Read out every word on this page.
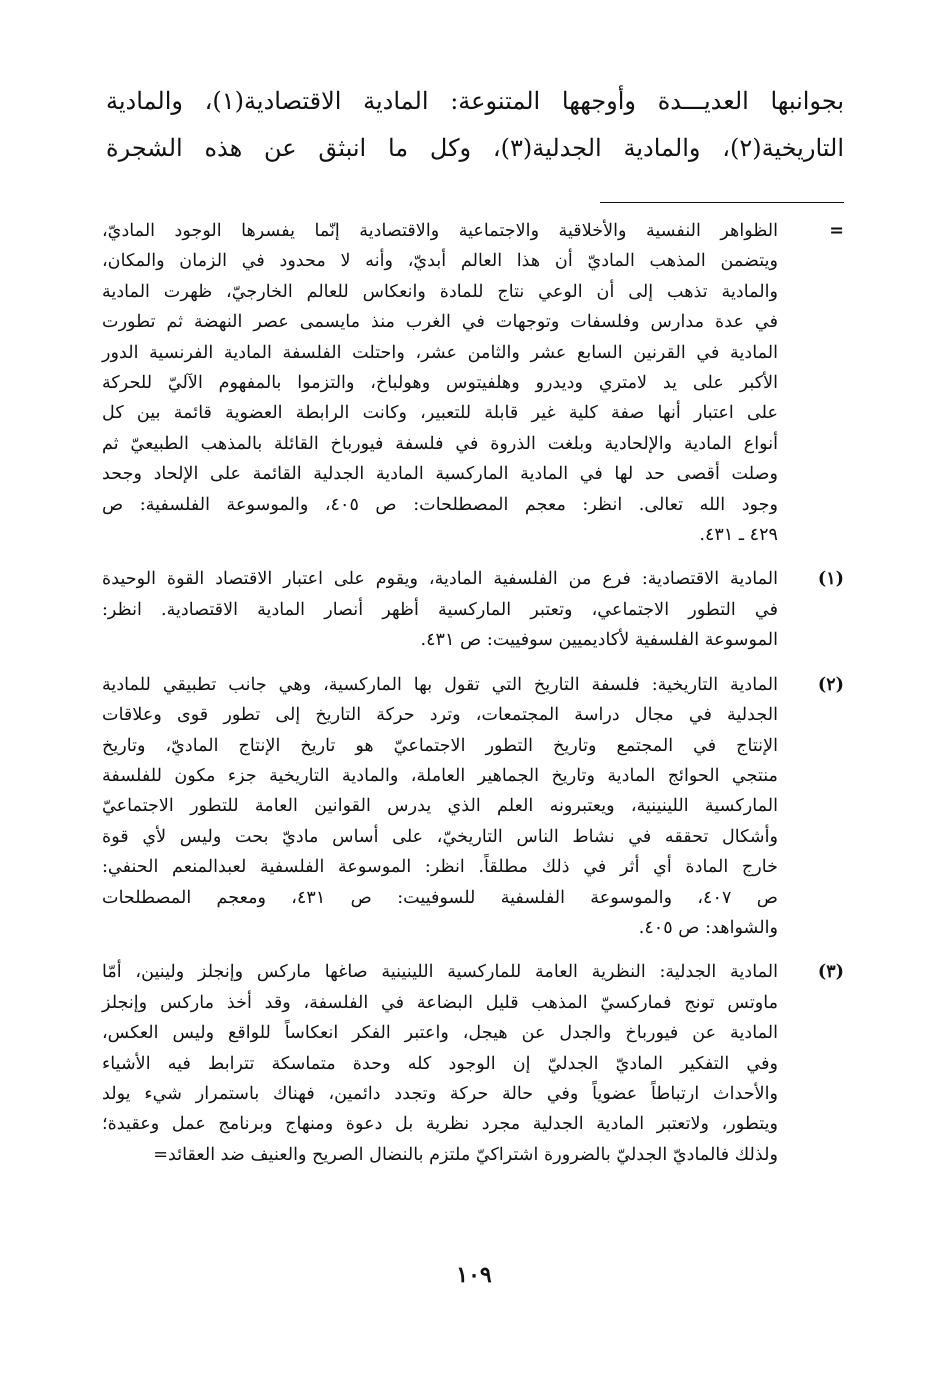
بجوانبها العديـــدة وأوجهها المتنوعة: المادية الاقتصادية(١)، والمادية

التاريخية(٢)، والمادية الجدلية(٣)، وكل ما انبثق عن هذه الشجرة

=
الظواهر النفسية والأخلاقية والاجتماعية والاقتصادية إنّما يفسرها الوجود الماديّ،
ويتضمن المذهب الماديّ أن هذا العالم أبديّ، وأنه لا محدود في الزمان والمكان،
والمادية تذهب إلى أن الوعي نتاج للمادة وانعكاس للعالم الخارجيّ، ظهرت المادية
في عدة مدارس وفلسفات وتوجهات في الغرب منذ مايسمى عصر النهضة ثم تطورت
المادية في القرنين السابع عشر والثامن عشر، واحتلت الفلسفة المادية الفرنسية الدور
الأكبر على يد لامتري وديدرو وهلفيتوس وهولباخ، والتزموا بالمفهوم الآليّ للحركة
على اعتبار أنها صفة كلية غير قابلة للتعبير، وكانت الرابطة العضوية قائمة بين كل
أنواع المادية والإلحادية وبلغت الذروة في فلسفة فيورباخ القائلة بالمذهب الطبيعيّ ثم
وصلت أقصى حد لها في المادية الماركسية المادية الجدلية القائمة على الإلحاد وجحد
وجود الله تعالى. انظر: معجم المصطلحات: ص ٤٠٥، والموسوعة الفلسفية: ص
٤٢٩ ـ ٤٣١.
(١)
المادية الاقتصادية: فرع من الفلسفية المادية، ويقوم على اعتبار الاقتصاد القوة الوحيدة
في التطور الاجتماعي، وتعتبر الماركسية أظهر أنصار المادية الاقتصادية. انظر:
الموسوعة الفلسفية لأكاديميين سوفييت: ص ٤٣١.
(٢)
المادية التاريخية: فلسفة التاريخ التي تقول بها الماركسية، وهي جانب تطبيقي للمادية
الجدلية في مجال دراسة المجتمعات، وترد حركة التاريخ إلى تطور قوى وعلاقات
الإنتاج في المجتمع وتاريخ التطور الاجتماعيّ هو تاريخ الإنتاج الماديّ، وتاريخ
منتجي الحوائج المادية وتاريخ الجماهير العاملة، والمادية التاريخية جزء مكون للفلسفة
الماركسية اللينينية، ويعتبرونه العلم الذي يدرس القوانين العامة للتطور الاجتماعيّ
وأشكال تحققه في نشاط الناس التاريخيّ، على أساس ماديّ بحت وليس لأي قوة
خارج المادة أي أثر في ذلك مطلقاً. انظر: الموسوعة الفلسفية لعبدالمنعم الحنفي:
ص ٤٠٧، والموسوعة الفلسفية للسوفييت: ص ٤٣١، ومعجم المصطلحات
والشواهد: ص ٤٠٥.
(٣)
المادية الجدلية: النظرية العامة للماركسية اللينينية صاغها ماركس وإنجلز ولينين، أمّا
ماوتس تونج فماركسيّ المذهب قليل البضاعة في الفلسفة، وقد أخذ ماركس وإنجلز
المادية عن فيورباخ والجدل عن هيجل، واعتبر الفكر انعكاساً للواقع وليس العكس،
وفي التفكير الماديّ الجدليّ إن الوجود كله وحدة متماسكة تترابط فيه الأشياء
والأحداث ارتباطاً عضوياً وفي حالة حركة وتجدد دائمين، فهناك باستمرار شيء يولد
ويتطور، ولاتعتبر المادية الجدلية مجرد نظرية بل دعوة ومنهاج وبرنامج عمل وعقيدة؛
ولذلك فالماديّ الجدليّ بالضرورة اشتراكيّ ملتزم بالنضال الصريح والعنيف ضد العقائد=
١٠٩
